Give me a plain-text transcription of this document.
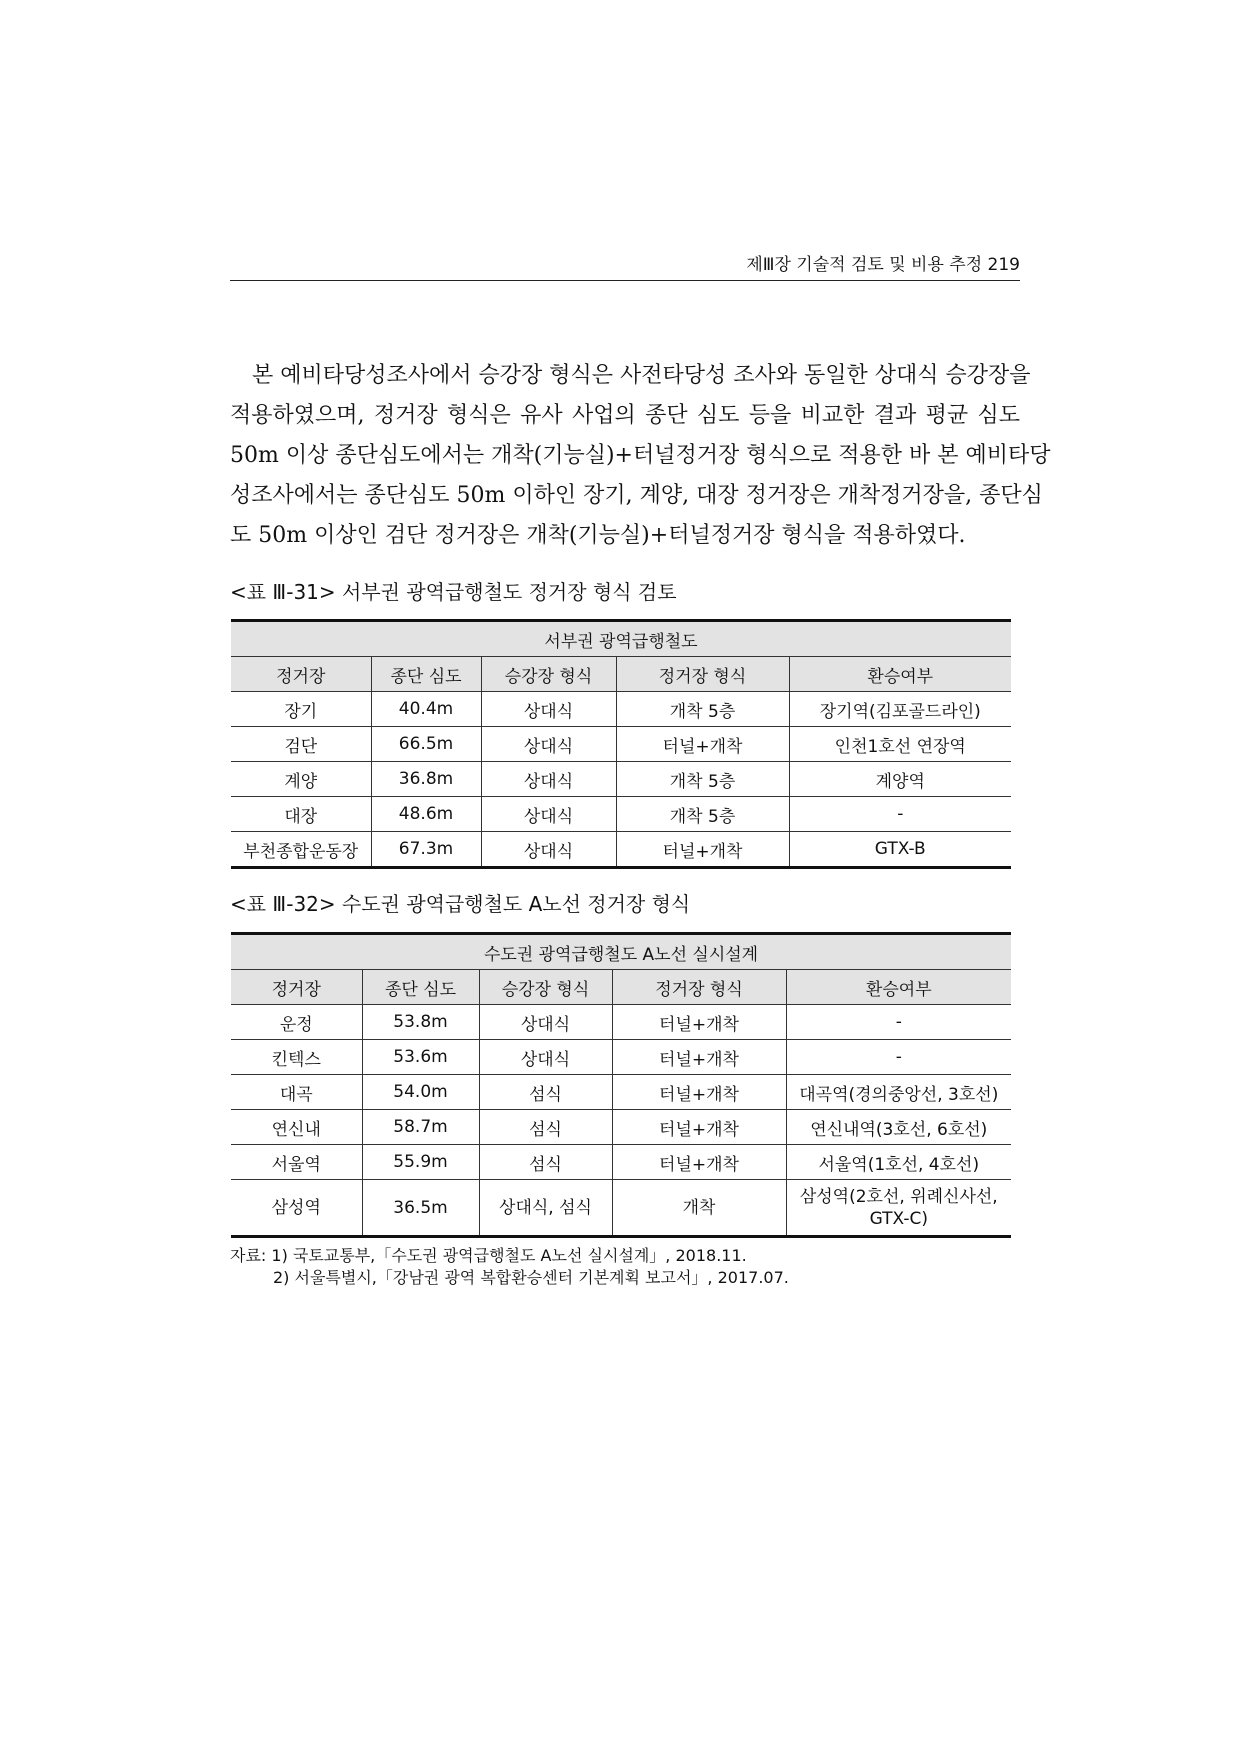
제Ⅲ장 기술적 검토 및 비용 추정 219

본 예비타당성조사에서 승강장 형식은 사전타당성 조사와 동일한 상대식 승강장을
적용하였으며, 정거장 형식은 유사 사업의 종단 심도 등을 비교한 결과 평균 심도
50m 이상 종단심도에서는 개착(기능실)+터널정거장 형식으로 적용한 바 본 예비타당
성조사에서는 종단심도 50m 이하인 장기, 계양, 대장 정거장은 개착정거장을, 종단심
도 50m 이상인 검단 정거장은 개착(기능실)+터널정거장 형식을 적용하였다.

<표 Ⅲ-31> 서부권 광역급행철도 정거장 형식 검토
서부권 광역급행철도				
정거장	종단 심도	승강장 형식	정거장 형식	환승여부
장기	40.4m	상대식	개착 5층	장기역(김포골드라인)
검단	66.5m	상대식	터널+개착	인천1호선 연장역
계양	36.8m	상대식	개착 5층	계양역
대장	48.6m	상대식	개착 5층	-
부천종합운동장	67.3m	상대식	터널+개착	GTX-B
<표 Ⅲ-32> 수도권 광역급행철도 A노선 정거장 형식
수도권 광역급행철도 A노선 실시설계				
정거장	종단 심도	승강장 형식	정거장 형식	환승여부
운정	53.8m	상대식	터널+개착	-
킨텍스	53.6m	상대식	터널+개착	-
대곡	54.0m	섬식	터널+개착	대곡역(경의중앙선, 3호선)
연신내	58.7m	섬식	터널+개착	연신내역(3호선, 6호선)
서울역	55.9m	섬식	터널+개착	서울역(1호선, 4호선)
삼성역	36.5m	상대식, 섬식	개착	삼성역(2호선, 위례신사선,
GTX-C)
자료: 1) 국토교통부,「수도권 광역급행철도 A노선 실시설계」, 2018.11.
2) 서울특별시,「강남권 광역 복합환승센터 기본계획 보고서」, 2017.07.
